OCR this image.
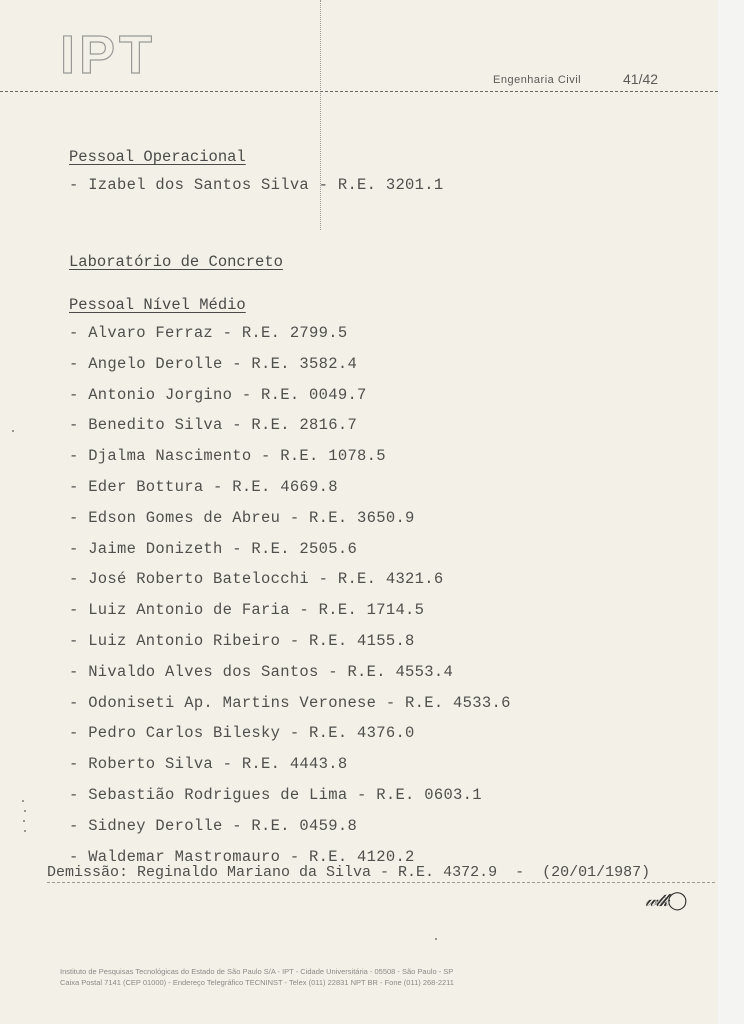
IPT	Engenharia Civil	41/42
Pessoal Operacional
- Izabel dos Santos Silva - R.E. 3201.1
Laboratório de Concreto
Pessoal Nível Médio
- Alvaro Ferraz - R.E. 2799.5
- Angelo Derolle - R.E. 3582.4
- Antonio Jorgino - R.E. 0049.7
- Benedito Silva - R.E. 2816.7
- Djalma Nascimento - R.E. 1078.5
- Eder Bottura - R.E. 4669.8
- Edson Gomes de Abreu - R.E. 3650.9
- Jaime Donizeth - R.E. 2505.6
- José Roberto Batelocchi - R.E. 4321.6
- Luiz Antonio de Faria - R.E. 1714.5
- Luiz Antonio Ribeiro - R.E. 4155.8
- Nivaldo Alves dos Santos - R.E. 4553.4
- Odoniseti Ap. Martins Veronese - R.E. 4533.6
- Pedro Carlos Bilesky - R.E. 4376.0
- Roberto Silva - R.E. 4443.8
- Sebastião Rodrigues de Lima - R.E. 0603.1
- Sidney Derolle - R.E. 0459.8
- Waldemar Mastromauro - R.E. 4120.2
Demissão: Reginaldo Mariano da Silva - R.E. 4372.9  -  (20/01/1987)
𝓌𝓉𝓀◯
Instituto de Pesquisas Tecnológicas do Estado de São Paulo S/A - IPT - Cidade Universitária - 05508 - São Paulo - SP
Caixa Postal 7141 (CEP 01000) - Endereço Telegráfico TECNINST - Telex (011) 22831 NPT BR - Fone (011) 268-2211
